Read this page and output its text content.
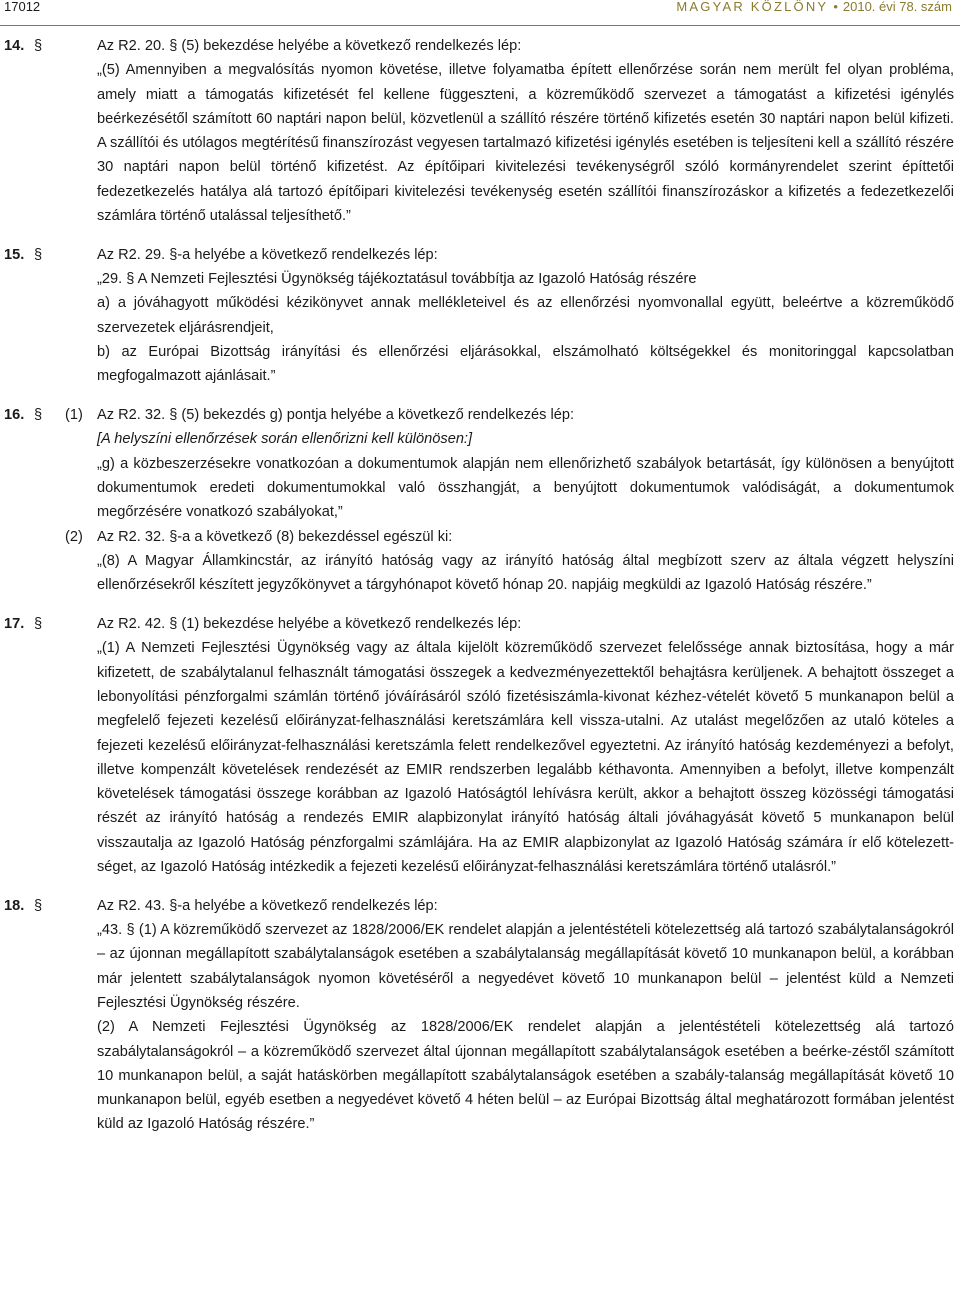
17012	MAGYAR KÖZLÖNY • 2010. évi 78. szám
14. §	Az R2. 20. § (5) bekezdése helyébe a következő rendelkezés lép:

„(5) Amennyiben a megvalósítás nyomon követése, illetve folyamatba épített ellenőrzése során nem merült fel olyan probléma, amely miatt a támogatás kifizetését fel kellene függeszteni, a közreműködő szervezet a támogatást a kifizetési igénylés beérkezésétől számított 60 naptári napon belül, közvetlenül a szállító részére történő kifizetés esetén 30 naptári napon belül kifizeti. A szállítói és utólagos megtérítésű finanszírozást vegyesen tartalmazó kifizetési igénylés esetében is teljesíteni kell a szállító részére 30 naptári napon belül történő kifizetést. Az építőipari kivitelezési tevékenységről szóló kormányrendelet szerint építtetői fedezetkezelés hatálya alá tartozó építőipari kivitelezési tevékenység esetén szállítói finanszírozáskor a kifizetés a fedezetkezelői számlára történő utalással teljesíthető.”

15. §	Az R2. 29. §-a helyébe a következő rendelkezés lép:

„29. § A Nemzeti Fejlesztési Ügynökség tájékoztatásul továbbítja az Igazoló Hatóság részére

a) a jóváhagyott működési kézikönyvet annak mellékleteivel és az ellenőrzési nyomvonallal együtt, beleértve a közreműködő szervezetek eljárásrendjeit,

b) az Európai Bizottság irányítási és ellenőrzési eljárásokkal, elszámolható költségekkel és monitoringgal kapcsolatban megfogalmazott ajánlásait.”

16. § (1) Az R2. 32. § (5) bekezdés g) pontja helyébe a következő rendelkezés lép:

[A helyszíni ellenőrzések során ellenőrizni kell különösen:]

„g) a közbeszerzésekre vonatkozóan a dokumentumok alapján nem ellenőrizhető szabályok betartását, így különösen a benyújtott dokumentumok eredeti dokumentumokkal való összhangját, a benyújtott dokumentumok valódiságát, a dokumentumok megőrzésére vonatkozó szabályokat,”

(2) Az R2. 32. §-a a következő (8) bekezdéssel egészül ki:

„(8) A Magyar Államkincstár, az irányító hatóság vagy az irányító hatóság által megbízott szerv az általa végzett helyszíni ellenőrzésekről készített jegyzőkönyvet a tárgyhónapot követő hónap 20. napjáig megküldi az Igazoló Hatóság részére.”

17. §	Az R2. 42. § (1) bekezdése helyébe a következő rendelkezés lép:

„(1) A Nemzeti Fejlesztési Ügynökség vagy az általa kijelölt közreműködő szervezet felelőssége annak biztosítása, hogy a már kifizetett, de szabálytalanul felhasznált támogatási összegek a kedvezményezettektől behajtásra kerüljenek. A behajtott összeget a lebonyolítási pénzforgalmi számlán történő jóváírásáról szóló fizetésiszámla-kivonat kézhez-vételét követő 5 munkanapon belül a megfelelő fejezeti kezelésű előirányzat-felhasználási keretszámlára kell vissza-utalni. Az utalást megelőzően az utaló köteles a fejezeti kezelésű előirányzat-felhasználási keretszámla felett rendelkezővel egyeztetni. Az irányító hatóság kezdeményezi a befolyt, illetve kompenzált követelések rendezését az EMIR rendszerben legalább kéthavonta. Amennyiben a befolyt, illetve kompenzált követelések támogatási összege korábban az Igazoló Hatóságtól lehívásra került, akkor a behajtott összeg közösségi támogatási részét az irányító hatóság a rendezés EMIR alapbizonylat irányító hatóság általi jóváhagyását követő 5 munkanapon belül visszautalja az Igazoló Hatóság pénzforgalmi számlájára. Ha az EMIR alapbizonylat az Igazoló Hatóság számára ír elő kötelezett-séget, az Igazoló Hatóság intézkedik a fejezeti kezelésű előirányzat-felhasználási keretszámlára történő utalásról.”

18. §	Az R2. 43. §-a helyébe a következő rendelkezés lép:

„43. § (1) A közreműködő szervezet az 1828/2006/EK rendelet alapján a jelentéstételi kötelezettség alá tartozó szabálytalanságokról – az újonnan megállapított szabálytalanságok esetében a szabálytalanság megállapítását követő 10 munkanapon belül, a korábban már jelentett szabálytalanságok nyomon követéséről a negyedévet követő 10 munkanapon belül – jelentést küld a Nemzeti Fejlesztési Ügynökség részére.

(2) A Nemzeti Fejlesztési Ügynökség az 1828/2006/EK rendelet alapján a jelentéstételi kötelezettség alá tartozó szabálytalanságokról – a közreműködő szervezet által újonnan megállapított szabálytalanságok esetében a beérke-zéstől számított 10 munkanapon belül, a saját hatáskörben megállapított szabálytalanságok esetében a szabály-talanság megállapítását követő 10 munkanapon belül, egyéb esetben a negyedévet követő 4 héten belül – az Európai Bizottság által meghatározott formában jelentést küld az Igazoló Hatóság részére.”
